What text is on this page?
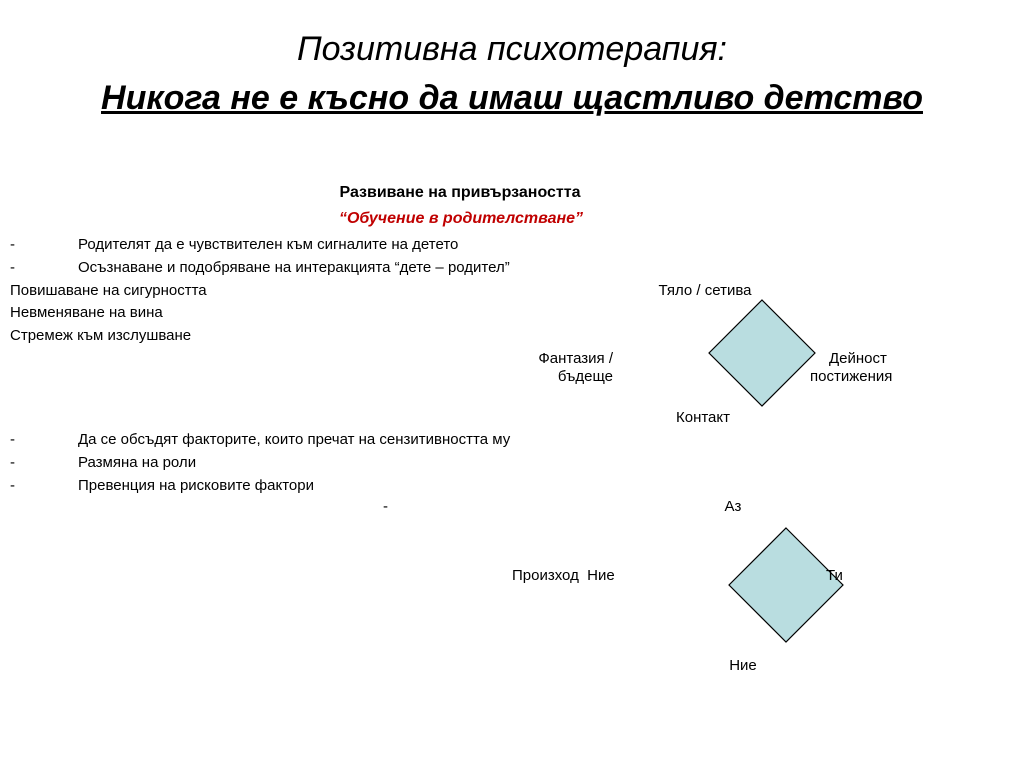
Позитивна психотерапия:
Никога не е късно да имаш щастливо детство
Развиване на привързаността
“Обучение в родителстване”
-	Родителят да е чувствителен към сигналите на детето
-	Осъзнаване и подобряване на интеракцията “дете – родител”
Повишаване на сигурността
Невменяване на вина
Стремеж към изслушване
-	Да се обсъдят факторите, които пречат на сензитивността му
-	Размяна на роли
-	Превенция на рисковите фактори
-
Тяло / сетива
Фантазия /
бъдеще
Дейност
постижения
Контакт
Аз
Произход  Ние	Ти
Ние
